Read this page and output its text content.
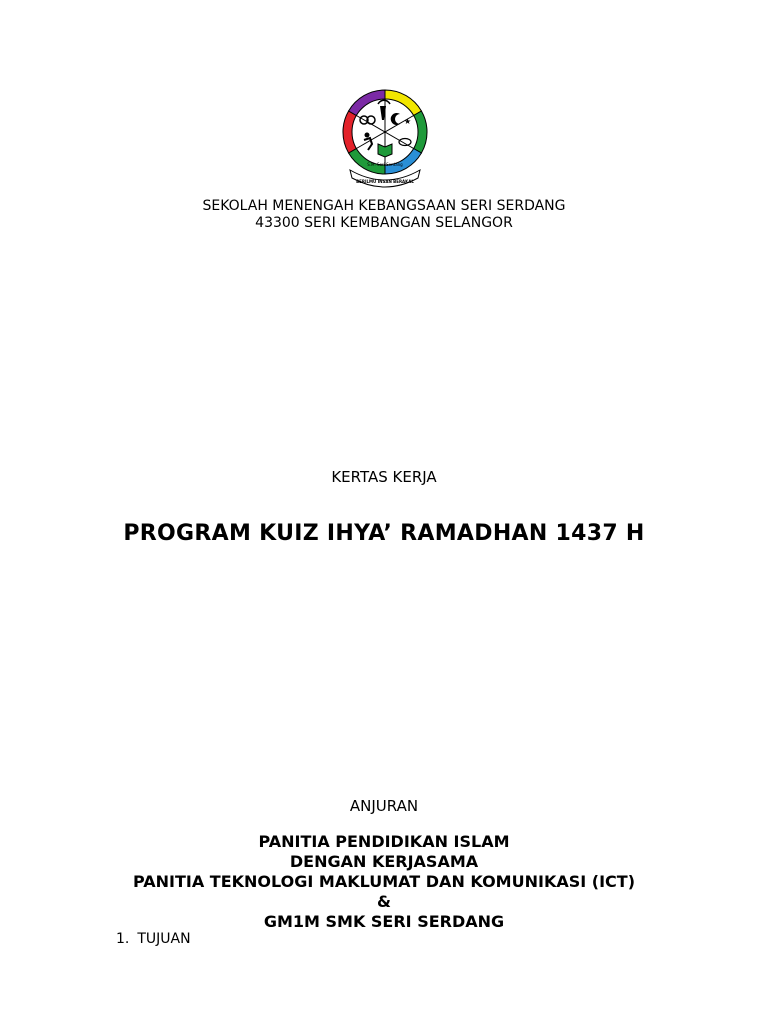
★
S.M. Seri Serdang
BERILMU INSAN BERAKAL

SEKOLAH MENENGAH KEBANGSAAN SERI SERDANG

43300 SERI KEMBANGAN SELANGOR

KERTAS KERJA

PROGRAM KUIZ IHYA’ RAMADHAN 1437 H

ANJURAN

PANITIA PENDIDIKAN ISLAM

DENGAN KERJASAMA

PANITIA TEKNOLOGI MAKLUMAT DAN KOMUNIKASI (ICT)

&

GM1M SMK SERI SERDANG

1. TUJUAN
